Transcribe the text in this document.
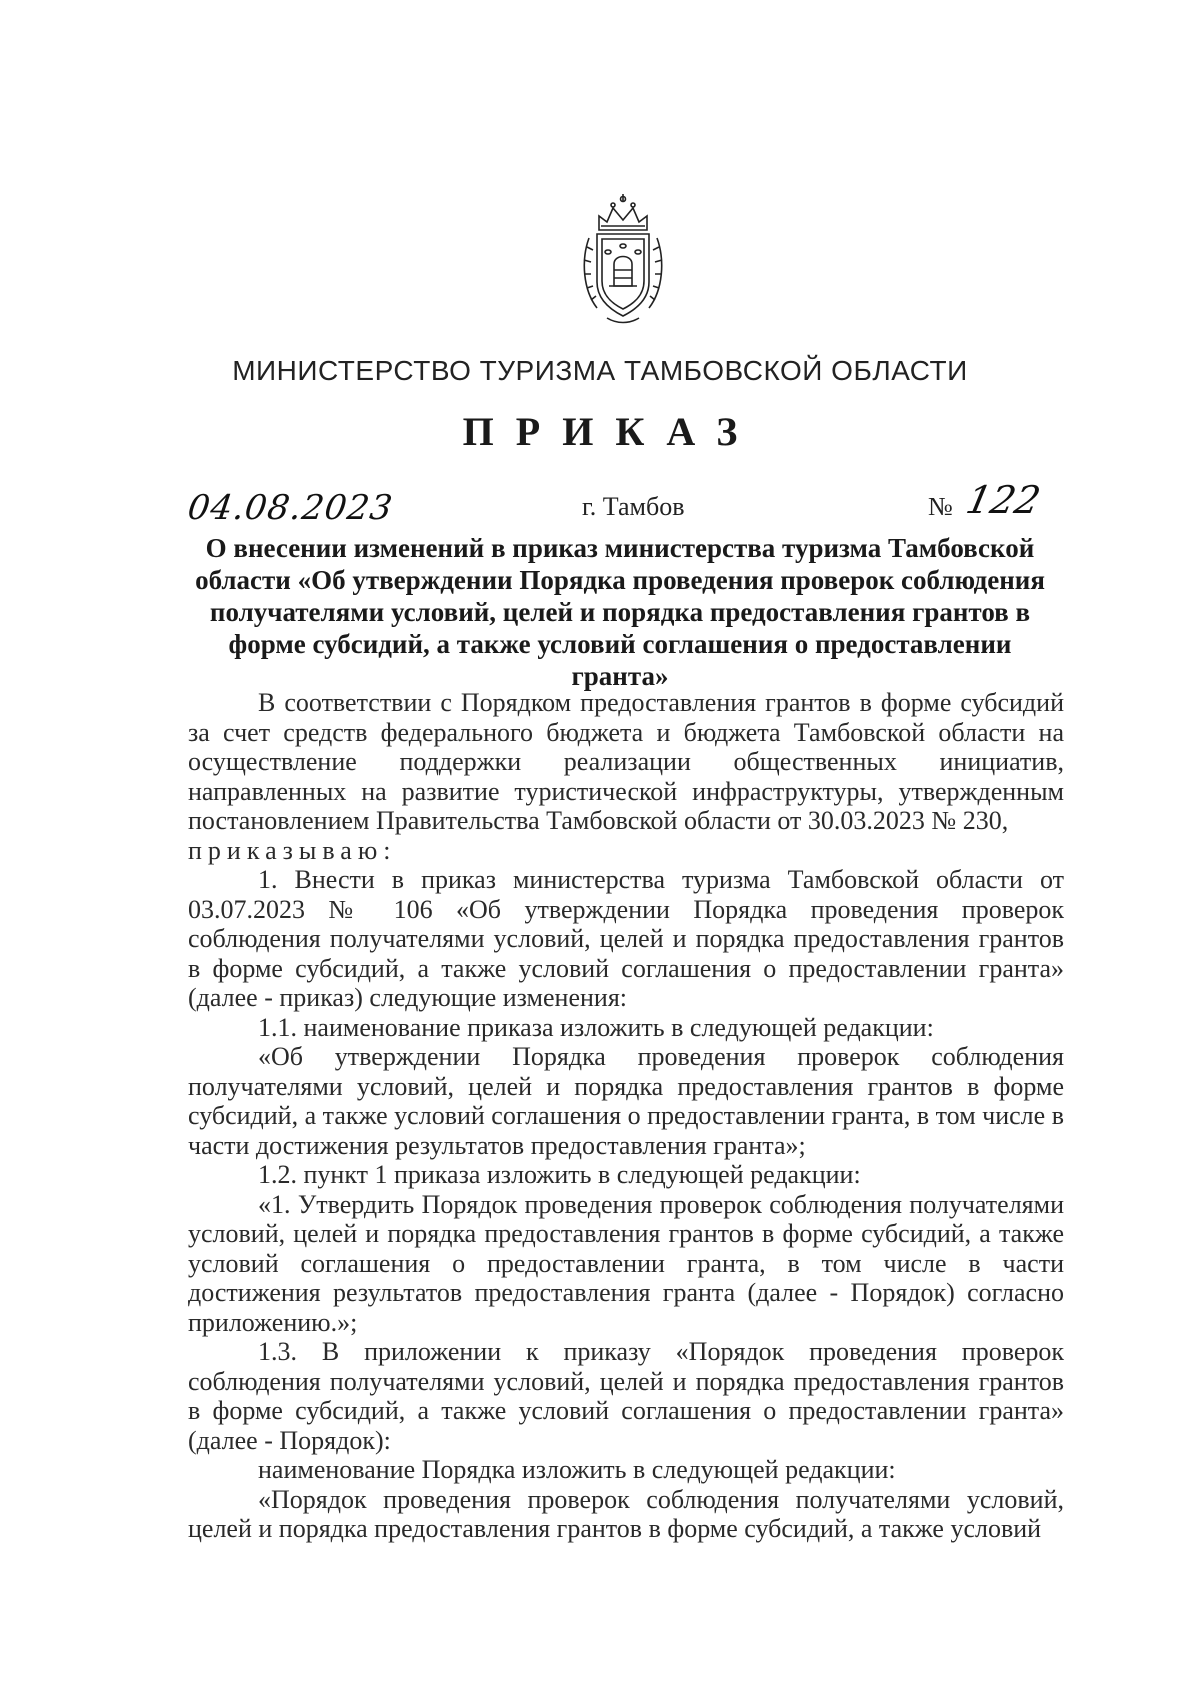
МИНИСТЕРСТВО ТУРИЗМА ТАМБОВСКОЙ ОБЛАСТИ
ПРИКАЗ
04.08.2023	г. Тамбов	№ 122
О внесении изменений в приказ министерства туризма Тамбовской области «Об утверждении Порядка проведения проверок соблюдения получателями условий, целей и порядка предоставления грантов в форме субсидий, а также условий соглашения о предоставлении гранта»

В соответствии с Порядком предоставления грантов в форме субсидий за счет средств федерального бюджета и бюджета Тамбовской области на осуществление поддержки реализации общественных инициатив, направленных на развитие туристической инфраструктуры, утвержденным постановлением Правительства Тамбовской области от 30.03.2023 № 230,

приказываю:

1. Внести в приказ министерства туризма Тамбовской области от 03.07.2023 № 106 «Об утверждении Порядка проведения проверок соблюдения получателями условий, целей и порядка предоставления грантов в форме субсидий, а также условий соглашения о предоставлении гранта» (далее - приказ) следующие изменения:

1.1. наименование приказа изложить в следующей редакции:

«Об утверждении Порядка проведения проверок соблюдения получателями условий, целей и порядка предоставления грантов в форме субсидий, а также условий соглашения о предоставлении гранта, в том числе в части достижения результатов предоставления гранта»;

1.2. пункт 1 приказа изложить в следующей редакции:

«1. Утвердить Порядок проведения проверок соблюдения получателями условий, целей и порядка предоставления грантов в форме субсидий, а также условий соглашения о предоставлении гранта, в том числе в части достижения результатов предоставления гранта (далее - Порядок) согласно приложению.»;

1.3. В приложении к приказу «Порядок проведения проверок соблюдения получателями условий, целей и порядка предоставления грантов в форме субсидий, а также условий соглашения о предоставлении гранта» (далее - Порядок):

наименование Порядка изложить в следующей редакции:

«Порядок проведения проверок соблюдения получателями условий, целей и порядка предоставления грантов в форме субсидий, а также условий
